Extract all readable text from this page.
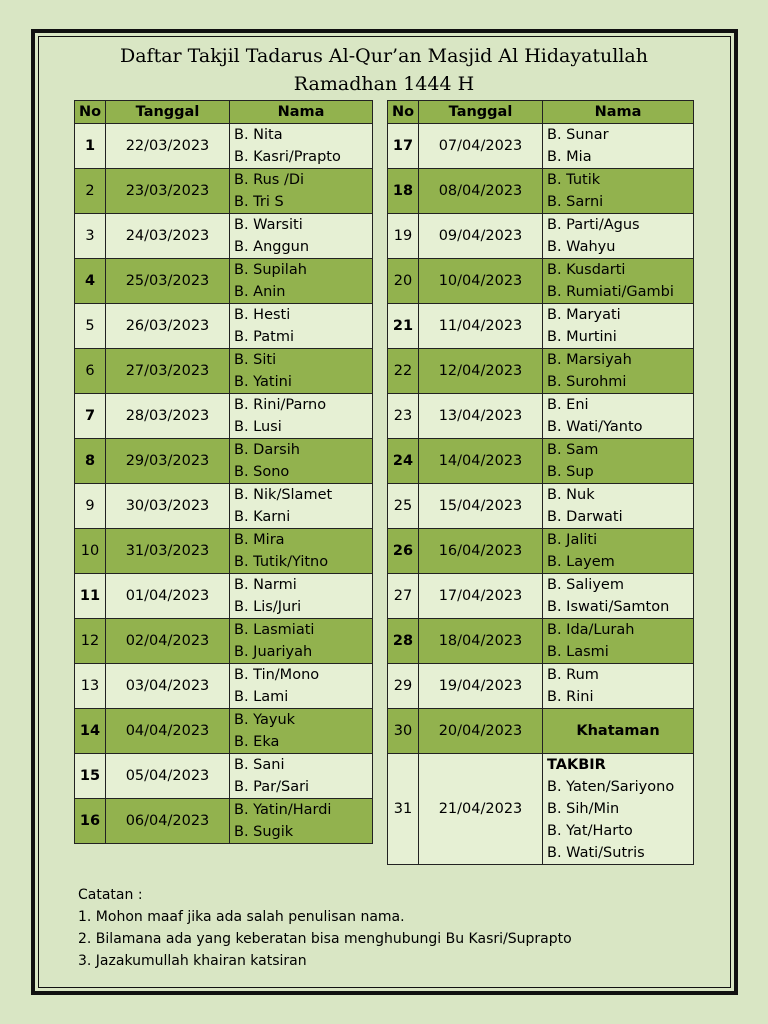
Daftar Takjil Tadarus Al-Qur’an Masjid Al Hidayatullah
Ramadhan 1444 H
No	Tanggal	Nama
1	22/03/2023	B. Nita
B. Kasri/Prapto

2	23/03/2023	B. Rus /Di
B. Tri S

3	24/03/2023	B. Warsiti
B. Anggun

4	25/03/2023	B. Supilah
B. Anin

5	26/03/2023	B. Hesti
B. Patmi

6	27/03/2023	B. Siti
B. Yatini

7	28/03/2023	B. Rini/Parno
B. Lusi

8	29/03/2023	B. Darsih
B. Sono

9	30/03/2023	B. Nik/Slamet
B. Karni

10	31/03/2023	B. Mira
B. Tutik/Yitno

11	01/04/2023	B. Narmi
B. Lis/Juri

12	02/04/2023	B. Lasmiati
B. Juariyah

13	03/04/2023	B. Tin/Mono
B. Lami

14	04/04/2023	B. Yayuk
B. Eka

15	05/04/2023	B. Sani
B. Par/Sari

16	06/04/2023	B. Yatin/Hardi
B. Sugik
No	Tanggal	Nama
17	07/04/2023	B. Sunar
B. Mia

18	08/04/2023	B. Tutik
B. Sarni

19	09/04/2023	B. Parti/Agus
B. Wahyu

20	10/04/2023	B. Kusdarti
B. Rumiati/Gambi

21	11/04/2023	B. Maryati
B. Murtini

22	12/04/2023	B. Marsiyah
B. Surohmi

23	13/04/2023	B. Eni
B. Wati/Yanto

24	14/04/2023	B. Sam
B. Sup

25	15/04/2023	B. Nuk
B. Darwati

26	16/04/2023	B. Jaliti
B. Layem

27	17/04/2023	B. Saliyem
B. Iswati/Samton

28	18/04/2023	B. Ida/Lurah
B. Lasmi

29	19/04/2023	B. Rum
B. Rini

30	20/04/2023	Khataman

31	21/04/2023	TAKBIR
B. Yaten/Sariyono
B. Sih/Min
B. Yat/Harto
B. Wati/Sutris
Catatan :
1. Mohon maaf jika ada salah penulisan nama.
2. Bilamana ada yang keberatan bisa menghubungi Bu Kasri/Suprapto
3. Jazakumullah khairan katsiran
